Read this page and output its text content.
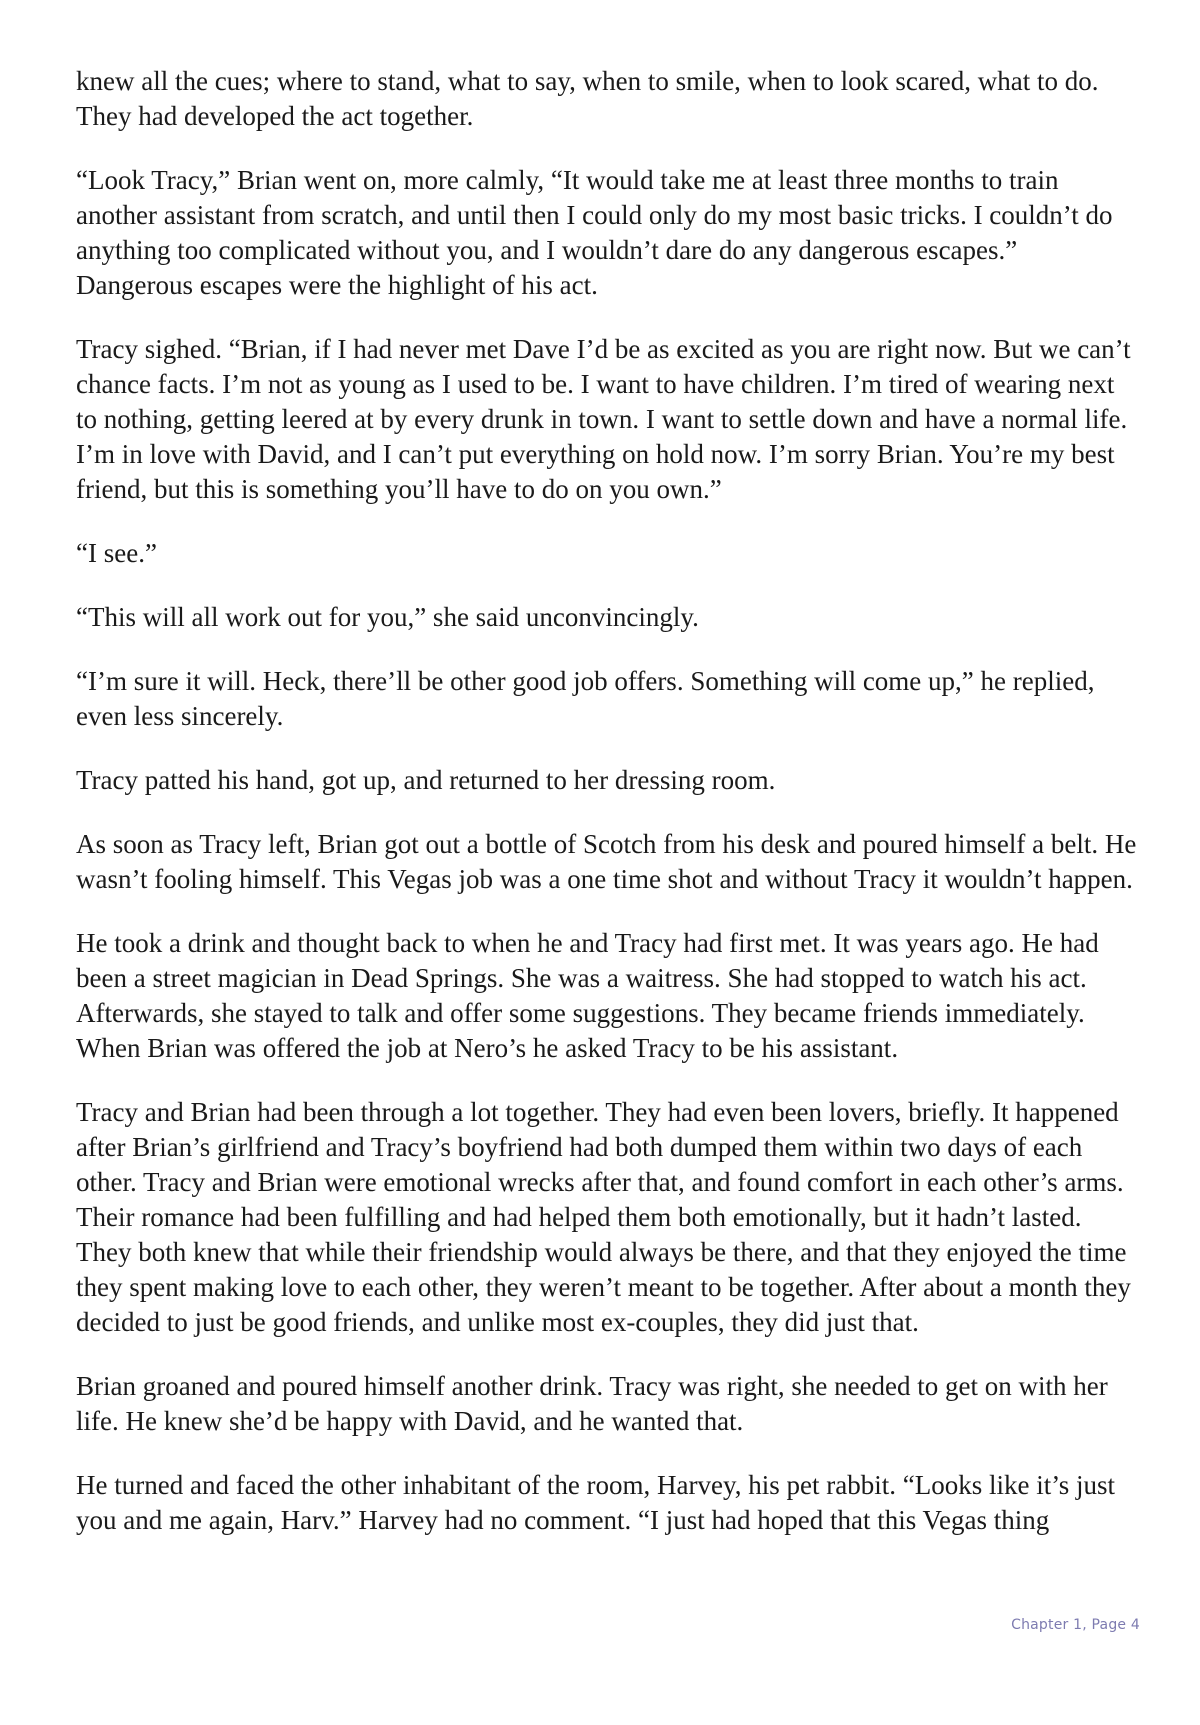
knew all the cues; where to stand, what to say, when to smile, when to look scared, what to do. They had developed the act together.

“Look Tracy,” Brian went on, more calmly, “It would take me at least three months to train another assistant from scratch, and until then I could only do my most basic tricks. I couldn’t do anything too complicated without you, and I wouldn’t dare do any dangerous escapes.” Dangerous escapes were the highlight of his act.

Tracy sighed. “Brian, if I had never met Dave I’d be as excited as you are right now. But we can’t chance facts. I’m not as young as I used to be. I want to have children. I’m tired of wearing next to nothing, getting leered at by every drunk in town. I want to settle down and have a normal life. I’m in love with David, and I can’t put everything on hold now. I’m sorry Brian. You’re my best friend, but this is something you’ll have to do on you own.”

“I see.”

“This will all work out for you,” she said unconvincingly.

“I’m sure it will. Heck, there’ll be other good job offers. Something will come up,” he replied, even less sincerely.

Tracy patted his hand, got up, and returned to her dressing room.

As soon as Tracy left, Brian got out a bottle of Scotch from his desk and poured himself a belt. He wasn’t fooling himself. This Vegas job was a one time shot and without Tracy it wouldn’t happen.

He took a drink and thought back to when he and Tracy had first met. It was years ago. He had been a street magician in Dead Springs. She was a waitress. She had stopped to watch his act. Afterwards, she stayed to talk and offer some suggestions. They became friends immediately. When Brian was offered the job at Nero’s he asked Tracy to be his assistant.

Tracy and Brian had been through a lot together. They had even been lovers, briefly. It happened after Brian’s girlfriend and Tracy’s boyfriend had both dumped them within two days of each other. Tracy and Brian were emotional wrecks after that, and found comfort in each other’s arms. Their romance had been fulfilling and had helped them both emotionally, but it hadn’t lasted. They both knew that while their friendship would always be there, and that they enjoyed the time they spent making love to each other, they weren’t meant to be together. After about a month they decided to just be good friends, and unlike most ex-couples, they did just that.

Brian groaned and poured himself another drink. Tracy was right, she needed to get on with her life. He knew she’d be happy with David, and he wanted that.

He turned and faced the other inhabitant of the room, Harvey, his pet rabbit. “Looks like it’s just you and me again, Harv.” Harvey had no comment. “I just had hoped that this Vegas thing

Chapter 1, Page 4
